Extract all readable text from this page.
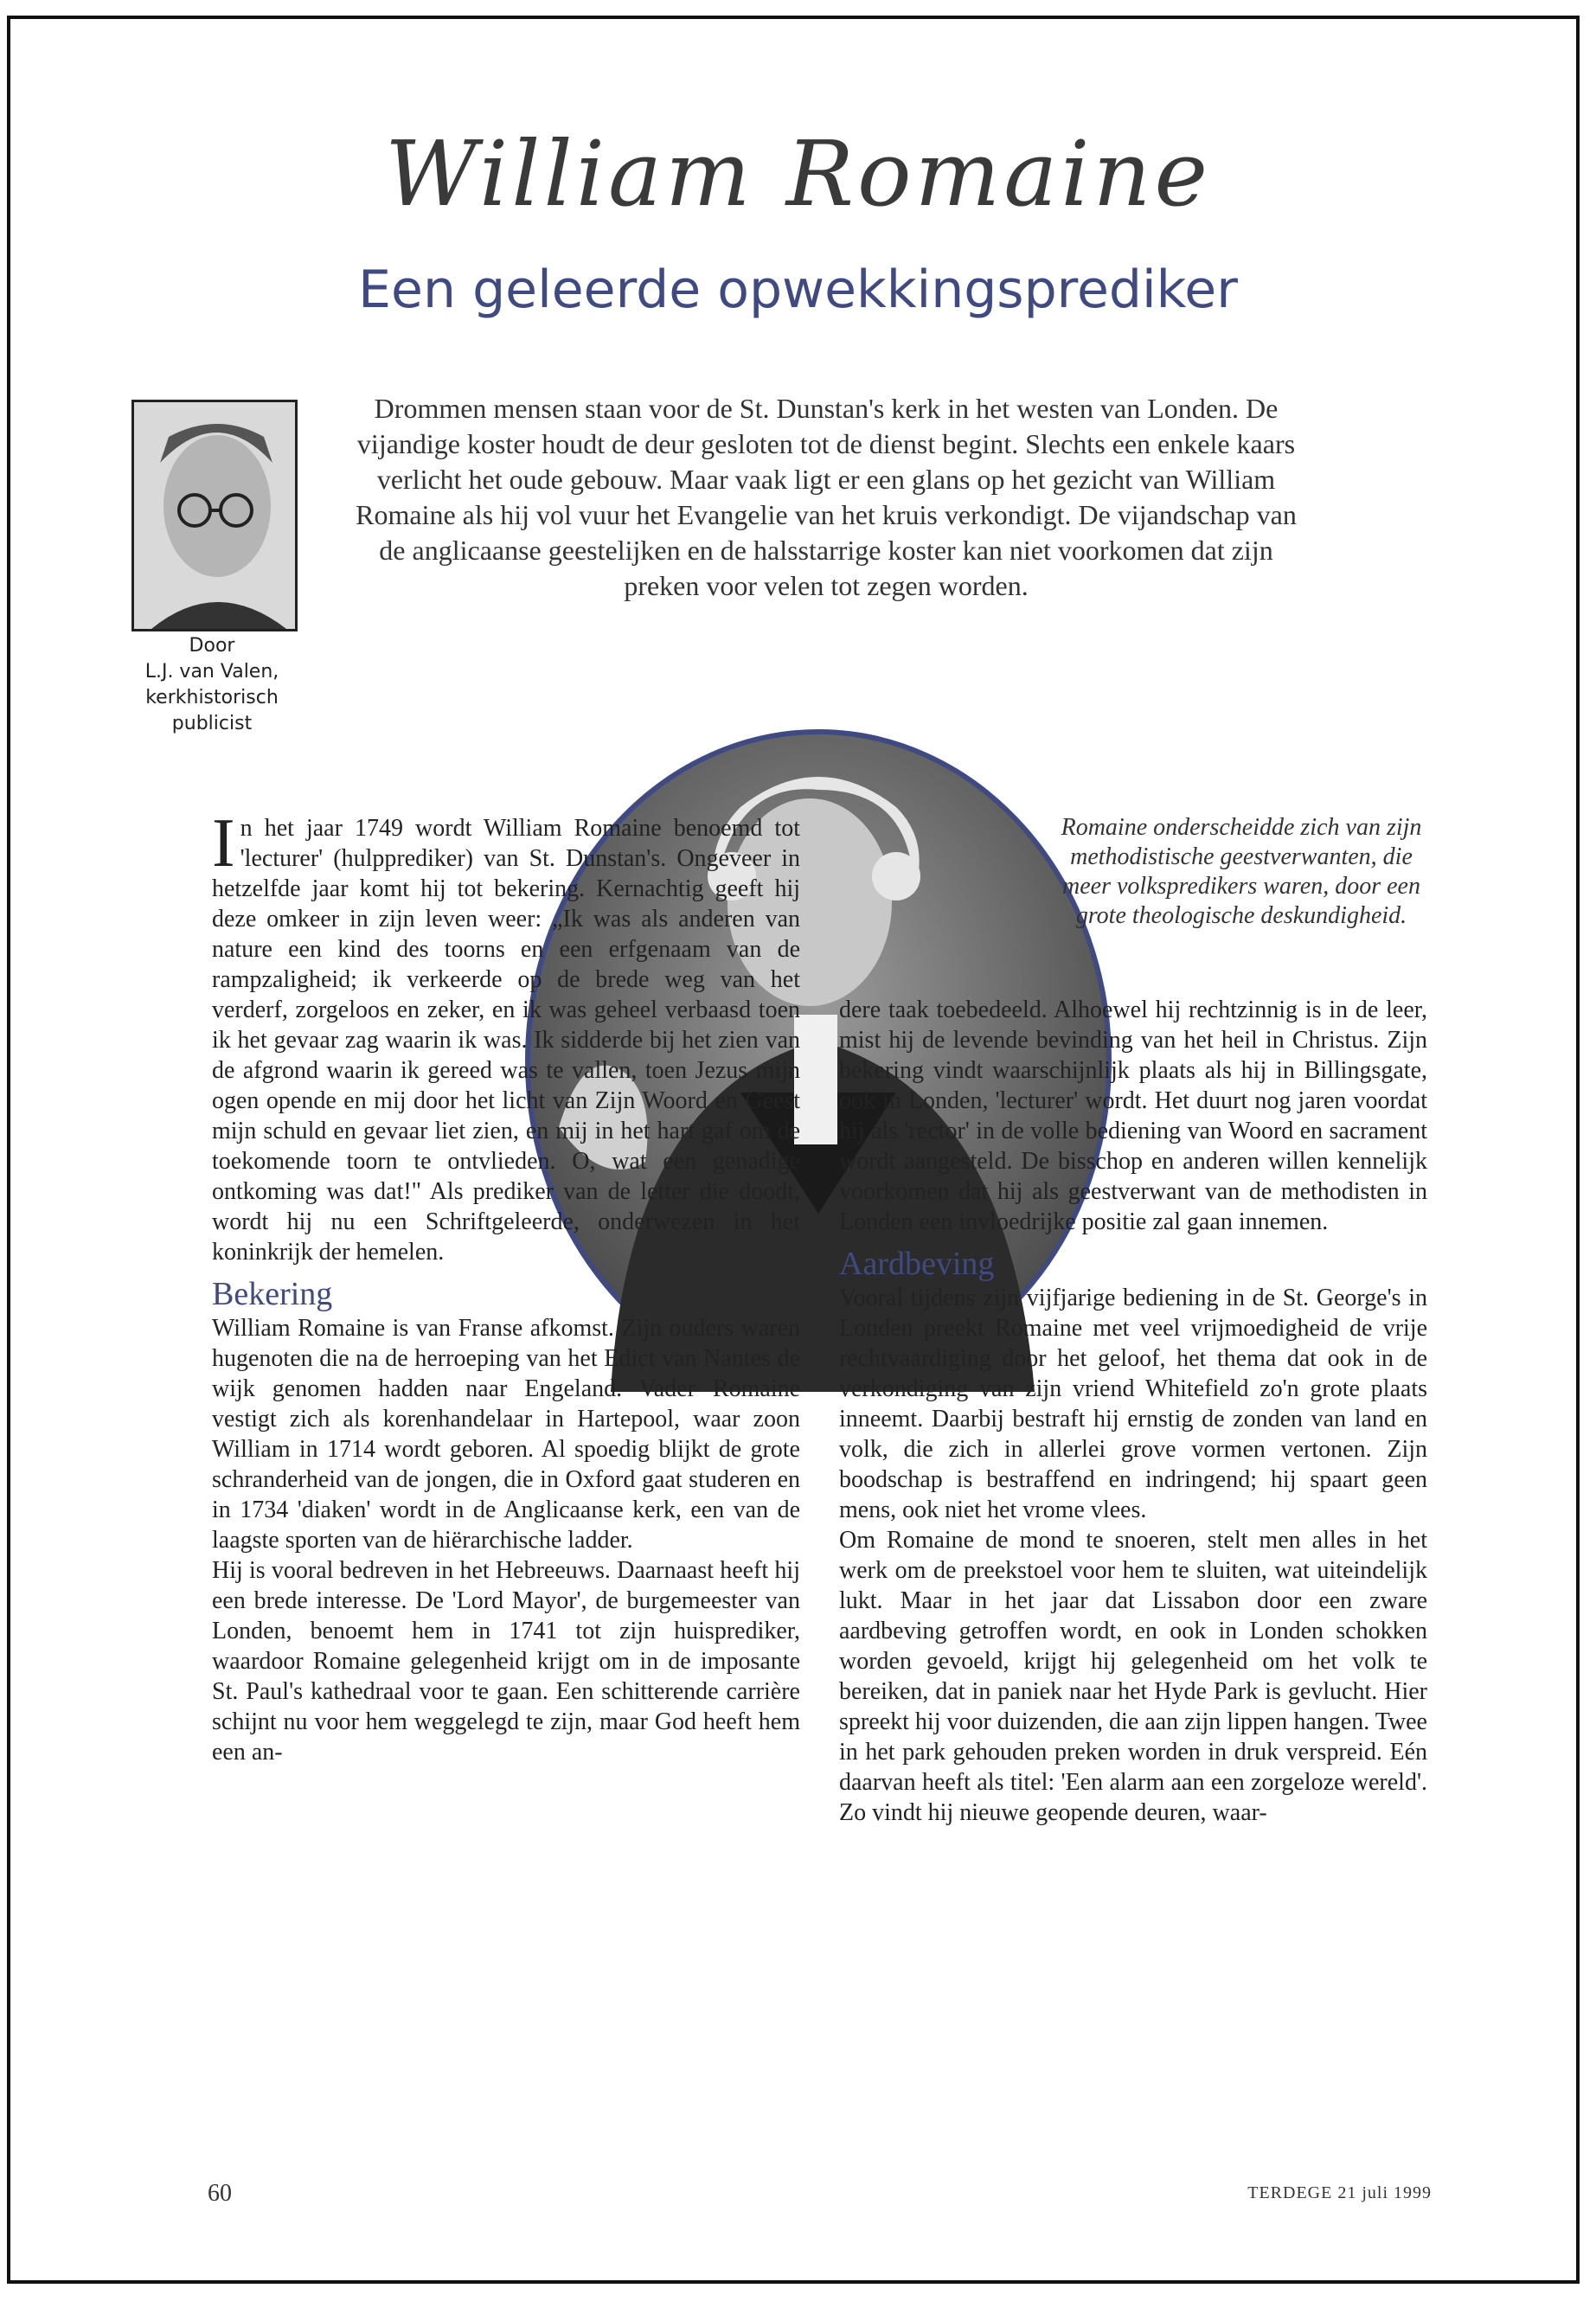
William Romaine
Een geleerde opwekkingsprediker
Door
L.J. van Valen,
kerkhistorisch
publicist
Drommen mensen staan voor de St. Dunstan's kerk in het westen van Londen. De vijandige koster houdt de deur gesloten tot de dienst begint. Slechts een enkele kaars verlicht het oude gebouw. Maar vaak ligt er een glans op het gezicht van William Romaine als hij vol vuur het Evangelie van het kruis verkondigt. De vijandschap van de anglicaanse geestelijken en de halsstarrige koster kan niet voorkomen dat zijn preken voor velen tot zegen worden.
Romaine onderscheidde zich van zijn methodistische geestverwanten, die meer volkspredikers waren, door een grote theologische deskundigheid.

In het jaar 1749 wordt William Romaine benoemd tot 'lecturer' (hulpprediker) van St. Dunstan's. Ongeveer in hetzelfde jaar komt hij tot bekering. Kernachtig geeft hij deze omkeer in zijn leven weer: „Ik was als anderen van nature een kind des toorns en een erfgenaam van de rampzaligheid; ik verkeerde op de brede weg van het verderf, zorgeloos en zeker, en ik was geheel verbaasd toen ik het gevaar zag waarin ik was. Ik sidderde bij het zien van de afgrond waarin ik gereed was te vallen, toen Jezus mijn ogen opende en mij door het licht van Zijn Woord en Geest mijn schuld en gevaar liet zien, en mij in het hart gaf om de toekomende toorn te ontvlieden. O, wat een genadige ontkoming was dat!" Als prediker van de letter die doodt, wordt hij nu een Schriftgeleerde, onderwezen in het koninkrijk der hemelen.

Bekering

William Romaine is van Franse afkomst. Zijn ouders waren hugenoten die na de herroeping van het Edict van Nantes de wijk genomen hadden naar Engeland. Vader Romaine vestigt zich als korenhandelaar in Hartepool, waar zoon William in 1714 wordt geboren. Al spoedig blijkt de grote schranderheid van de jongen, die in Oxford gaat studeren en in 1734 'diaken' wordt in de Anglicaanse kerk, een van de laagste sporten van de hiërarchische ladder.

Hij is vooral bedreven in het Hebreeuws. Daarnaast heeft hij een brede interesse. De 'Lord Mayor', de burgemeester van Londen, benoemt hem in 1741 tot zijn huisprediker, waardoor Romaine gelegenheid krijgt om in de imposante St. Paul's kathedraal voor te gaan. Een schitterende carrière schijnt nu voor hem weggelegd te zijn, maar God heeft hem een an-

dere taak toebedeeld. Alhoewel hij rechtzinnig is in de leer, mist hij de levende bevinding van het heil in Christus. Zijn bekering vindt waarschijnlijk plaats als hij in Billingsgate, ook in Londen, 'lecturer' wordt. Het duurt nog jaren voordat hij als 'rector' in de volle bediening van Woord en sacrament wordt aangesteld. De bisschop en anderen willen kennelijk voorkomen dat hij als geestverwant van de methodisten in Londen een invloedrijke positie zal gaan innemen.

Aardbeving

Vooral tijdens zijn vijfjarige bediening in de St. George's in Londen preekt Romaine met veel vrijmoedigheid de vrije rechtvaardiging door het geloof, het thema dat ook in de verkondiging van zijn vriend Whitefield zo'n grote plaats inneemt. Daarbij bestraft hij ernstig de zonden van land en volk, die zich in allerlei grove vormen vertonen. Zijn boodschap is bestraffend en indringend; hij spaart geen mens, ook niet het vrome vlees.

Om Romaine de mond te snoeren, stelt men alles in het werk om de preekstoel voor hem te sluiten, wat uiteindelijk lukt. Maar in het jaar dat Lissabon door een zware aardbeving getroffen wordt, en ook in Londen schokken worden gevoeld, krijgt hij gelegenheid om het volk te bereiken, dat in paniek naar het Hyde Park is gevlucht. Hier spreekt hij voor duizenden, die aan zijn lippen hangen. Twee in het park gehouden preken worden in druk verspreid. Eén daarvan heeft als titel: 'Een alarm aan een zorgeloze wereld'. Zo vindt hij nieuwe geopende deuren, waar-

60	TERDEGE 21 juli 1999
